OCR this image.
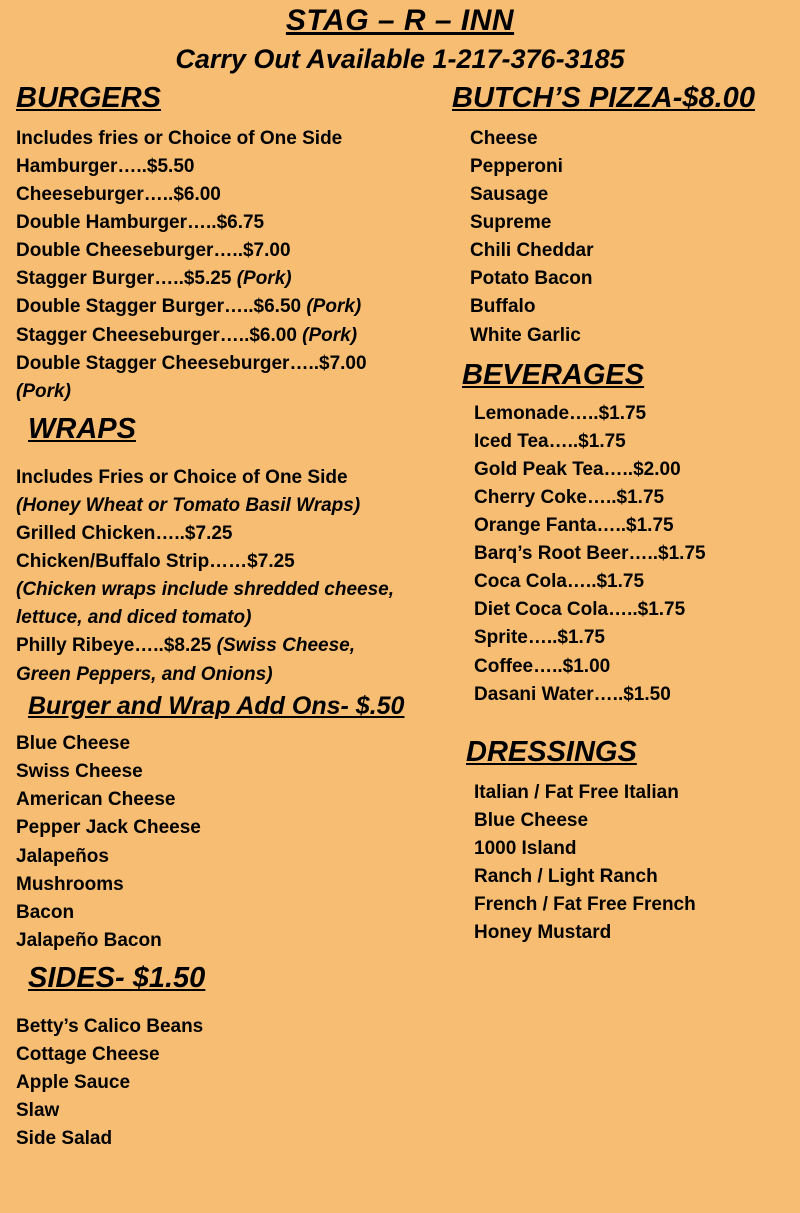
STAG – R – INN
Carry Out Available 1-217-376-3185
BURGERS
Includes fries or Choice of One Side
Hamburger…..$5.50
Cheeseburger…..$6.00
Double Hamburger…..$6.75
Double Cheeseburger…..$7.00
Stagger Burger…..$5.25 (Pork)
Double Stagger Burger…..$6.50 (Pork)
Stagger Cheeseburger…..$6.00 (Pork)
Double Stagger Cheeseburger…..$7.00
(Pork)
WRAPS
Includes Fries or Choice of One Side
(Honey Wheat or Tomato Basil Wraps)
Grilled Chicken…..$7.25
Chicken/Buffalo Strip……$7.25
(Chicken wraps include shredded cheese,
lettuce, and diced tomato)
Philly Ribeye…..$8.25 (Swiss Cheese,
Green Peppers, and Onions)
Burger and Wrap Add Ons- $.50
Blue Cheese
Swiss Cheese
American Cheese
Pepper Jack Cheese
Jalapeños
Mushrooms
Bacon
Jalapeño Bacon
SIDES- $1.50
Betty’s Calico Beans
Cottage Cheese
Apple Sauce
Slaw
Side Salad
BUTCH’S PIZZA-$8.00
Cheese
Pepperoni
Sausage
Supreme
Chili Cheddar
Potato Bacon
Buffalo
White Garlic
BEVERAGES
Lemonade…..$1.75
Iced Tea…..$1.75
Gold Peak Tea…..$2.00
Cherry Coke…..$1.75
Orange Fanta…..$1.75
Barq’s Root Beer…..$1.75
Coca Cola…..$1.75
Diet Coca Cola…..$1.75
Sprite…..$1.75
Coffee…..$1.00
Dasani Water…..$1.50
DRESSINGS
Italian / Fat Free Italian
Blue Cheese
1000 Island
Ranch / Light Ranch
French / Fat Free French
Honey Mustard
